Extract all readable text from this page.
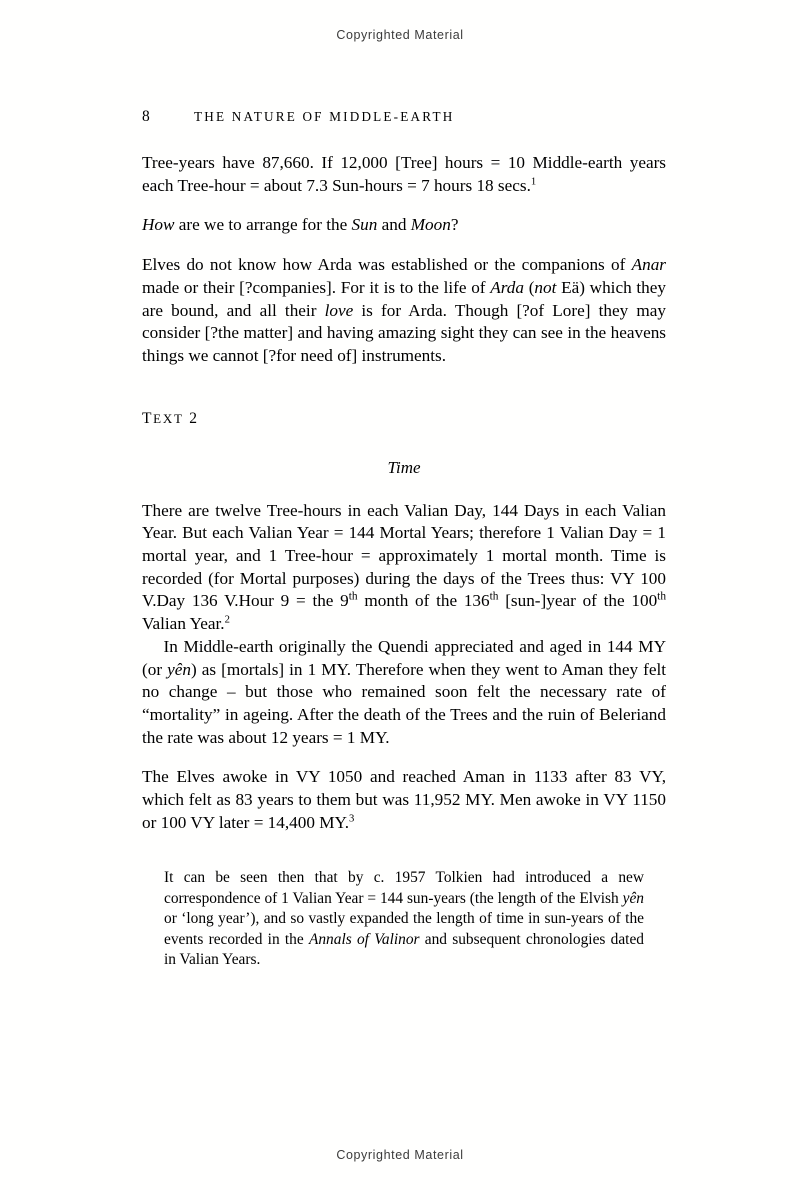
Copyrighted Material
8	THE NATURE OF MIDDLE-EARTH

Tree-years have 87,660. If 12,000 [Tree] hours = 10 Middle-earth years each Tree-hour = about 7.3 Sun-hours = 7 hours 18 secs.$^1$

How are we to arrange for the Sun and Moon?

Elves do not know how Arda was established or the companions of Anar made or their [?companies]. For it is to the life of Arda (not Eä) which they are bound, and all their love is for Arda. Though [?of Lore] they may consider [?the matter] and having amazing sight they can see in the heavens things we cannot [?for need of] instruments.

TEXT 2
Time

There are twelve Tree-hours in each Valian Day, 144 Days in each Valian Year. But each Valian Year = 144 Mortal Years; therefore 1 Valian Day = 1 mortal year, and 1 Tree-hour = approximately 1 mortal month. Time is recorded (for Mortal purposes) during the days of the Trees thus: VY 100 V.Day 136 V.Hour 9 = the 9th month of the 136th [sun-]year of the 100th Valian Year.$^2$

In Middle-earth originally the Quendi appreciated and aged in 144 MY (or yên) as [mortals] in 1 MY. Therefore when they went to Aman they felt no change – but those who remained soon felt the necessary rate of “mortality” in ageing. After the death of the Trees and the ruin of Beleriand the rate was about 12 years = 1 MY.

The Elves awoke in VY 1050 and reached Aman in 1133 after 83 VY, which felt as 83 years to them but was 11,952 MY. Men awoke in VY 1150 or 100 VY later = 14,400 MY.$^3$

It can be seen then that by c. 1957 Tolkien had introduced a new correspondence of 1 Valian Year = 144 sun-years (the length of the Elvish yên or ‘long year’), and so vastly expanded the length of time in sun-years of the events recorded in the Annals of Valinor and subsequent chronologies dated in Valian Years.

Copyrighted Material
